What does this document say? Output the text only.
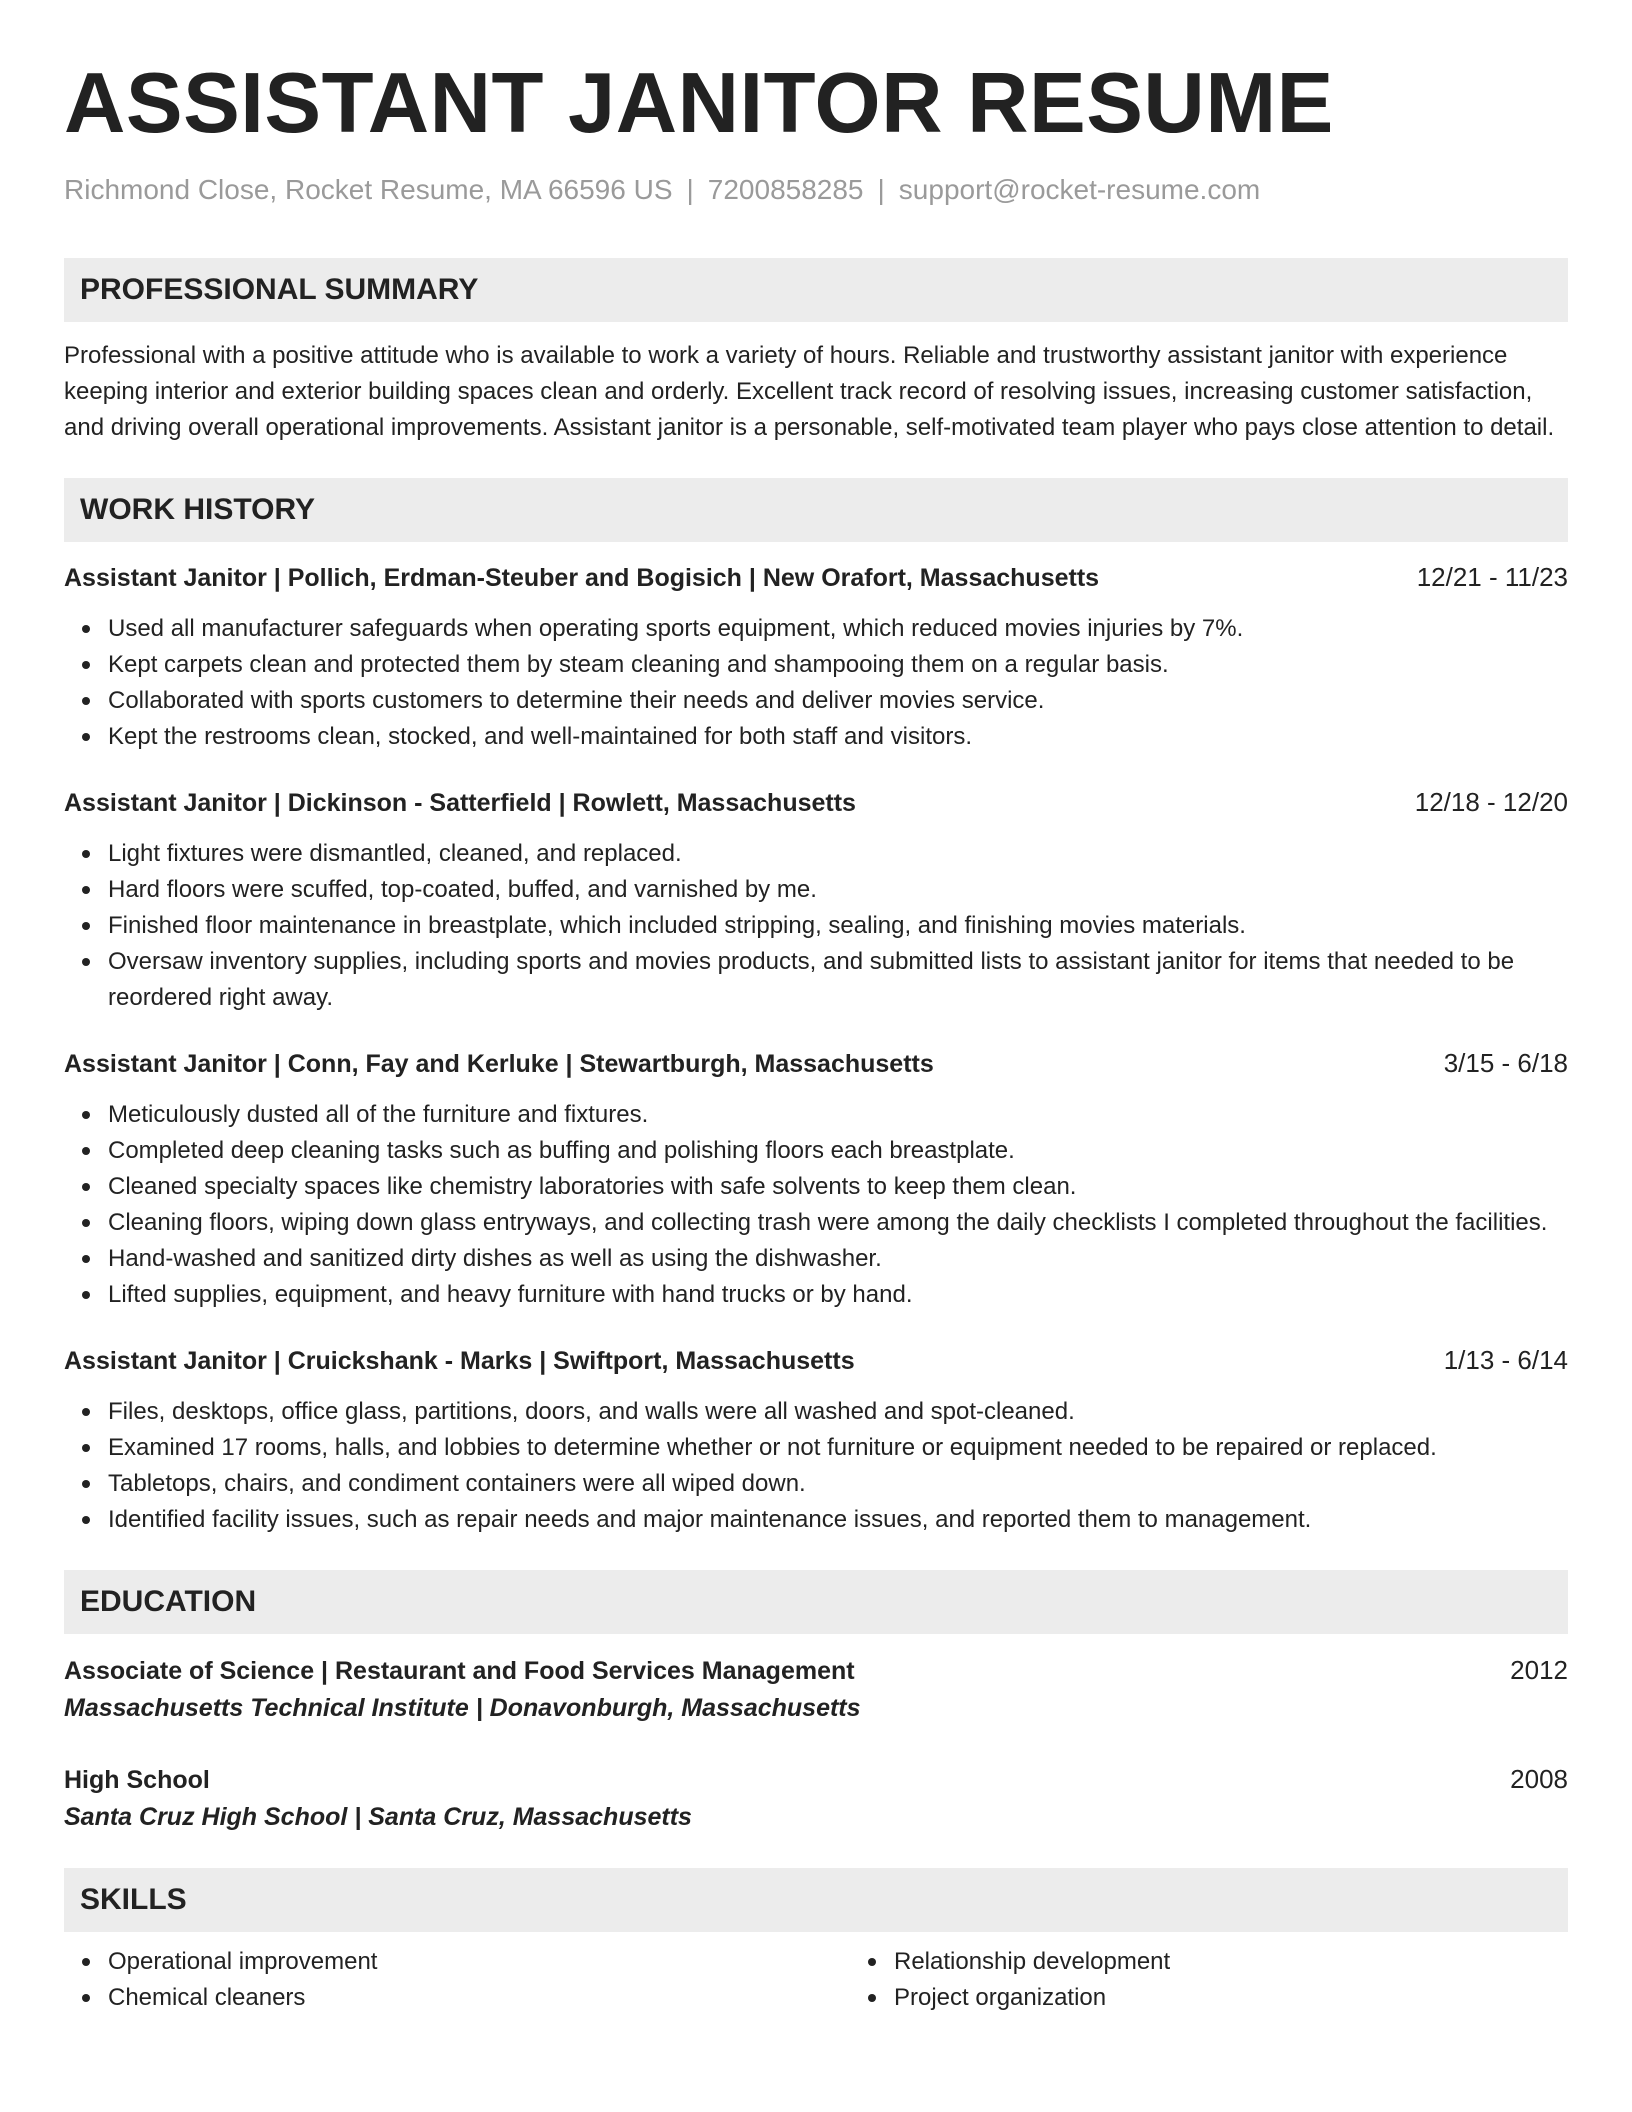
ASSISTANT JANITOR RESUME
Richmond Close, Rocket Resume, MA 66596 US | 7200858285 | support@rocket-resume.com
PROFESSIONAL SUMMARY
Professional with a positive attitude who is available to work a variety of hours. Reliable and trustworthy assistant janitor with experience keeping interior and exterior building spaces clean and orderly. Excellent track record of resolving issues, increasing customer satisfaction, and driving overall operational improvements. Assistant janitor is a personable, self-motivated team player who pays close attention to detail.
WORK HISTORY
Assistant Janitor | Pollich, Erdman-Steuber and Bogisich | New Orafort, Massachusetts	12/21 - 11/23
Used all manufacturer safeguards when operating sports equipment, which reduced movies injuries by 7%.
Kept carpets clean and protected them by steam cleaning and shampooing them on a regular basis.
Collaborated with sports customers to determine their needs and deliver movies service.
Kept the restrooms clean, stocked, and well-maintained for both staff and visitors.
Assistant Janitor | Dickinson - Satterfield | Rowlett, Massachusetts	12/18 - 12/20
Light fixtures were dismantled, cleaned, and replaced.
Hard floors were scuffed, top-coated, buffed, and varnished by me.
Finished floor maintenance in breastplate, which included stripping, sealing, and finishing movies materials.
Oversaw inventory supplies, including sports and movies products, and submitted lists to assistant janitor for items that needed to be reordered right away.
Assistant Janitor | Conn, Fay and Kerluke | Stewartburgh, Massachusetts	3/15 - 6/18
Meticulously dusted all of the furniture and fixtures.
Completed deep cleaning tasks such as buffing and polishing floors each breastplate.
Cleaned specialty spaces like chemistry laboratories with safe solvents to keep them clean.
Cleaning floors, wiping down glass entryways, and collecting trash were among the daily checklists I completed throughout the facilities.
Hand-washed and sanitized dirty dishes as well as using the dishwasher.
Lifted supplies, equipment, and heavy furniture with hand trucks or by hand.
Assistant Janitor | Cruickshank - Marks | Swiftport, Massachusetts	1/13 - 6/14
Files, desktops, office glass, partitions, doors, and walls were all washed and spot-cleaned.
Examined 17 rooms, halls, and lobbies to determine whether or not furniture or equipment needed to be repaired or replaced.
Tabletops, chairs, and condiment containers were all wiped down.
Identified facility issues, such as repair needs and major maintenance issues, and reported them to management.
EDUCATION
Associate of Science | Restaurant and Food Services Management	2012
Massachusetts Technical Institute | Donavonburgh, Massachusetts
High School	2008
Santa Cruz High School | Santa Cruz, Massachusetts
SKILLS
Operational improvement
Chemical cleaners
Relationship development
Project organization
